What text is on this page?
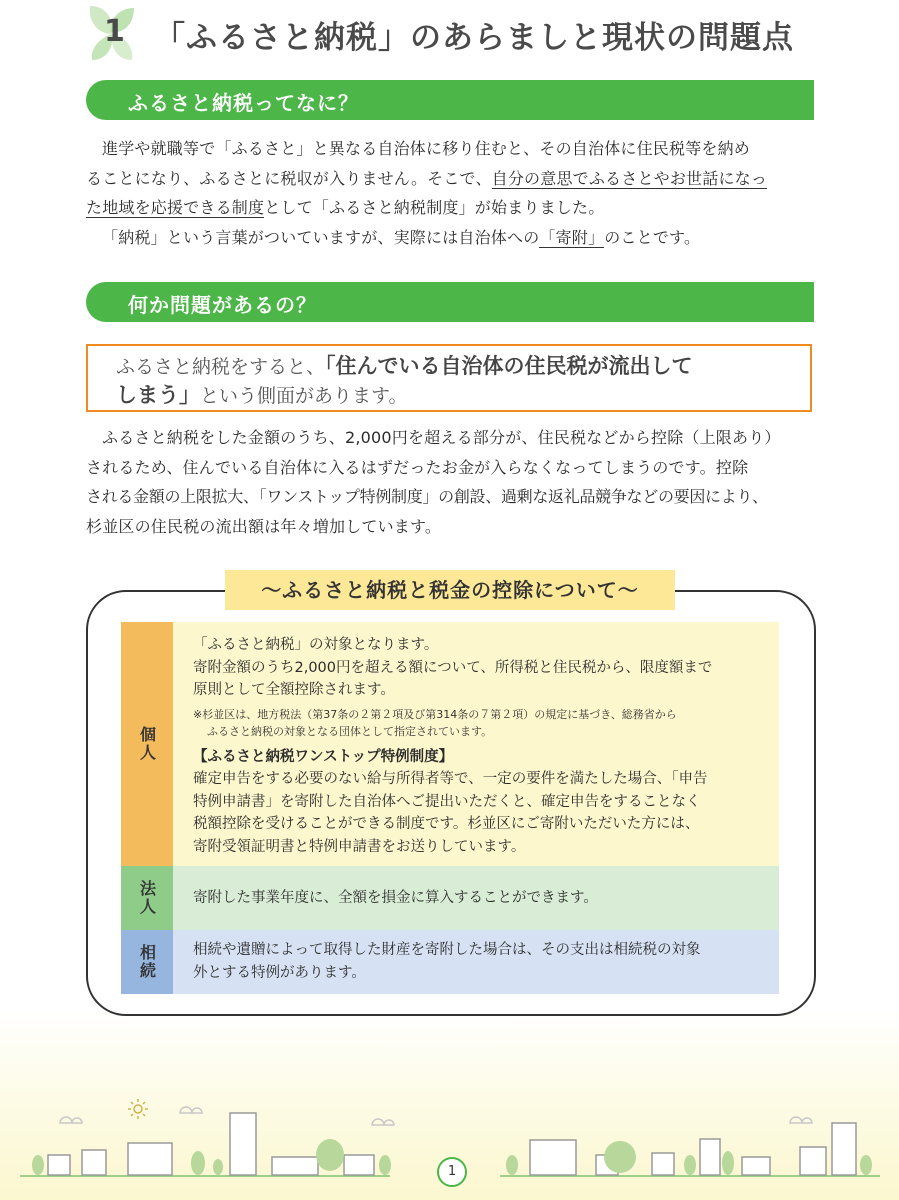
1 「ふるさと納税」のあらましと現状の問題点
ふるさと納税ってなに？

進学や就職等で「ふるさと」と異なる自治体に移り住むと、その自治体に住民税等を納め

ることになり、ふるさとに税収が入りません。そこで、自分の意思でふるさとやお世話になっ
た地域を応援できる制度として「ふるさと納税制度」が始まりました。

「納税」という言葉がついていますが、実際には自治体への「寄附」のことです。

何か問題があるの？
ふるさと納税をすると、「住んでいる自治体の住民税が流出して
しまう」という側面があります。
ふるさと納税をした金額のうち、2,000円を超える部分が、住民税などから控除（上限あり）
されるため、住んでいる自治体に入るはずだったお金が入らなくなってしまうのです。控除
される金額の上限拡大、「ワンストップ特例制度」の創設、過剰な返礼品競争などの要因により、
杉並区の住民税の流出額は年々増加しています。
～ふるさと納税と税金の控除について～
個人
「ふるさと納税」の対象となります。
寄附金額のうち2,000円を超える額について、所得税と住民税から、限度額まで
原則として全額控除されます。
※杉並区は、地方税法（第37条の２第２項及び第314条の７第２項）の規定に基づき、総務省から
ふるさと納税の対象となる団体として指定されています。
【ふるさと納税ワンストップ特例制度】
確定申告をする必要のない給与所得者等で、一定の要件を満たした場合、「申告
特例申請書」を寄附した自治体へご提出いただくと、確定申告をすることなく
税額控除を受けることができる制度です。杉並区にご寄附いただいた方には、
寄附受領証明書と特例申請書をお送りしています。
法人	寄附した事業年度に、全額を損金に算入することができます。
相続	相続や遺贈によって取得した財産を寄附した場合は、その支出は相続税の対象
外とする特例があります。
1
